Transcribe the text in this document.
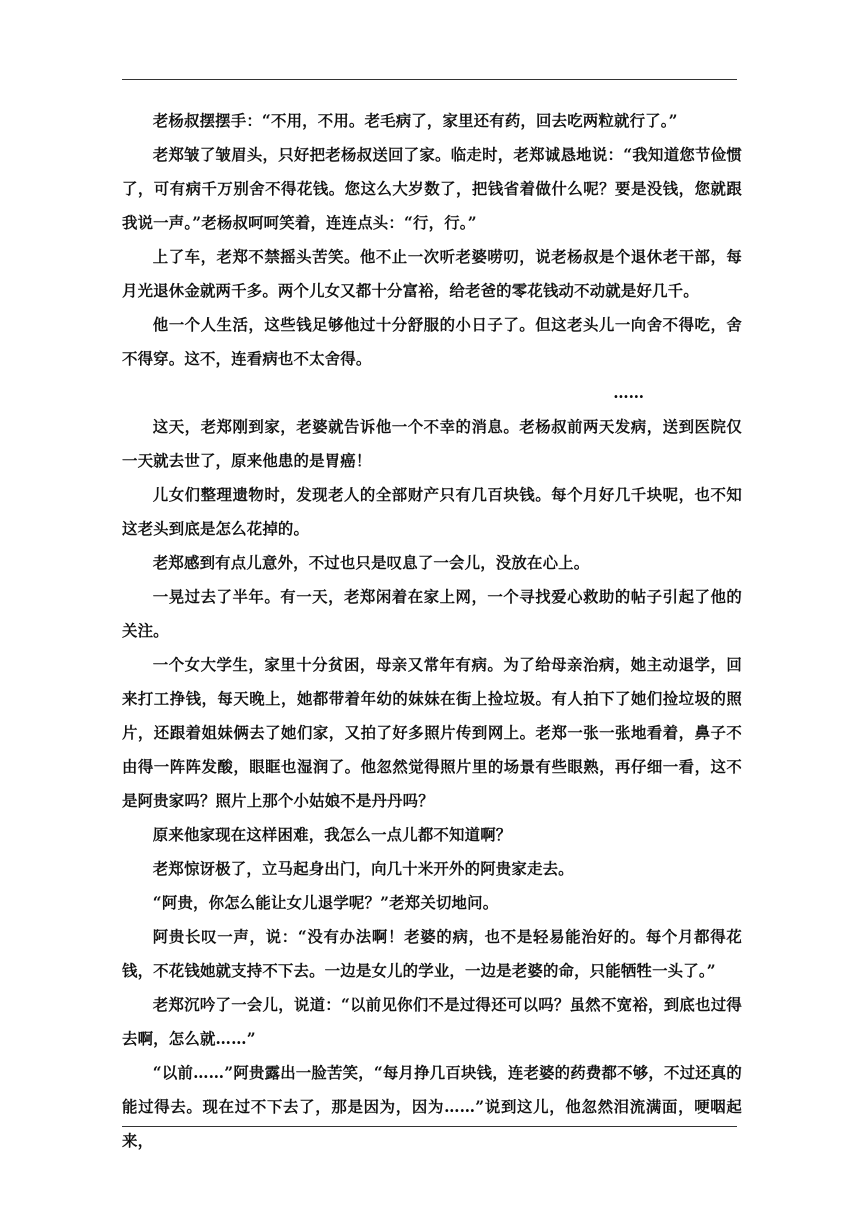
老杨叔摆摆手：“不用，不用。老毛病了，家里还有药，回去吃两粒就行了。”

老郑皱了皱眉头，只好把老杨叔送回了家。临走时，老郑诚恳地说：“我知道您节俭惯了，可有病千万别舍不得花钱。您这么大岁数了，把钱省着做什么呢？要是没钱，您就跟我说一声。”老杨叔呵呵笑着，连连点头：“行，行。”

上了车，老郑不禁摇头苦笑。他不止一次听老婆唠叨，说老杨叔是个退休老干部，每月光退休金就两千多。两个儿女又都十分富裕，给老爸的零花钱动不动就是好几千。

他一个人生活，这些钱足够他过十分舒服的小日子了。但这老头儿一向舍不得吃，舍不得穿。这不，连看病也不太舍得。

……

这天，老郑刚到家，老婆就告诉他一个不幸的消息。老杨叔前两天发病，送到医院仅一天就去世了，原来他患的是胃癌！

儿女们整理遗物时，发现老人的全部财产只有几百块钱。每个月好几千块呢，也不知这老头到底是怎么花掉的。

老郑感到有点儿意外，不过也只是叹息了一会儿，没放在心上。

一晃过去了半年。有一天，老郑闲着在家上网，一个寻找爱心救助的帖子引起了他的关注。

一个女大学生，家里十分贫困，母亲又常年有病。为了给母亲治病，她主动退学，回来打工挣钱，每天晚上，她都带着年幼的妹妹在街上捡垃圾。有人拍下了她们捡垃圾的照片，还跟着姐妹俩去了她们家，又拍了好多照片传到网上。老郑一张一张地看着，鼻子不由得一阵阵发酸，眼眶也湿润了。他忽然觉得照片里的场景有些眼熟，再仔细一看，这不是阿贵家吗？照片上那个小姑娘不是丹丹吗？

原来他家现在这样困难，我怎么一点儿都不知道啊？

老郑惊讶极了，立马起身出门，向几十米开外的阿贵家走去。

“阿贵，你怎么能让女儿退学呢？”老郑关切地问。

阿贵长叹一声，说：“没有办法啊！老婆的病，也不是轻易能治好的。每个月都得花钱，不花钱她就支持不下去。一边是女儿的学业，一边是老婆的命，只能牺牲一头了。”

老郑沉吟了一会儿，说道：“以前见你们不是过得还可以吗？虽然不宽裕，到底也过得去啊，怎么就……”

“以前……”阿贵露出一脸苦笑，“每月挣几百块钱，连老婆的药费都不够，不过还真的能过得去。现在过不下去了，那是因为，因为……”说到这儿，他忽然泪流满面，哽咽起来，
